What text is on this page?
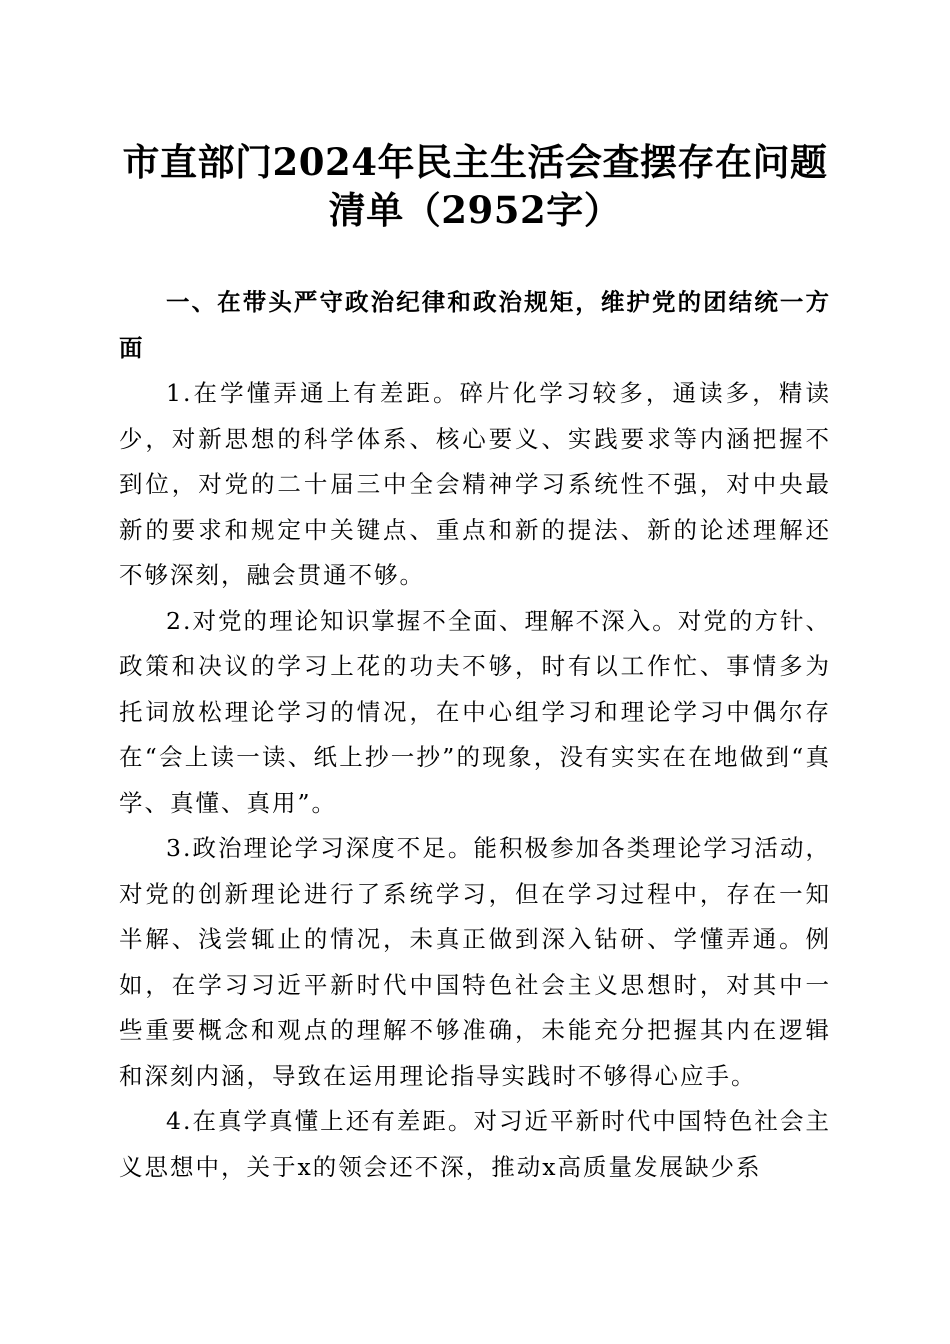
市直部门2024年民主生活会查摆存在问题清单（2952字）

一、在带头严守政治纪律和政治规矩，维护党的团结统一方面

1.在学懂弄通上有差距。碎片化学习较多，通读多，精读少，对新思想的科学体系、核心要义、实践要求等内涵把握不到位，对党的二十届三中全会精神学习系统性不强，对中央最新的要求和规定中关键点、重点和新的提法、新的论述理解还不够深刻，融会贯通不够。

2.对党的理论知识掌握不全面、理解不深入。对党的方针、政策和决议的学习上花的功夫不够，时有以工作忙、事情多为托词放松理论学习的情况，在中心组学习和理论学习中偶尔存在“会上读一读、纸上抄一抄”的现象，没有实实在在地做到“真学、真懂、真用”。

3.政治理论学习深度不足。能积极参加各类理论学习活动，对党的创新理论进行了系统学习，但在学习过程中，存在一知半解、浅尝辄止的情况，未真正做到深入钻研、学懂弄通。例如，在学习习近平新时代中国特色社会主义思想时，对其中一些重要概念和观点的理解不够准确，未能充分把握其内在逻辑和深刻内涵，导致在运用理论指导实践时不够得心应手。

4.在真学真懂上还有差距。对习近平新时代中国特色社会主义思想中，关于x的领会还不深，推动x高质量发展缺少系
